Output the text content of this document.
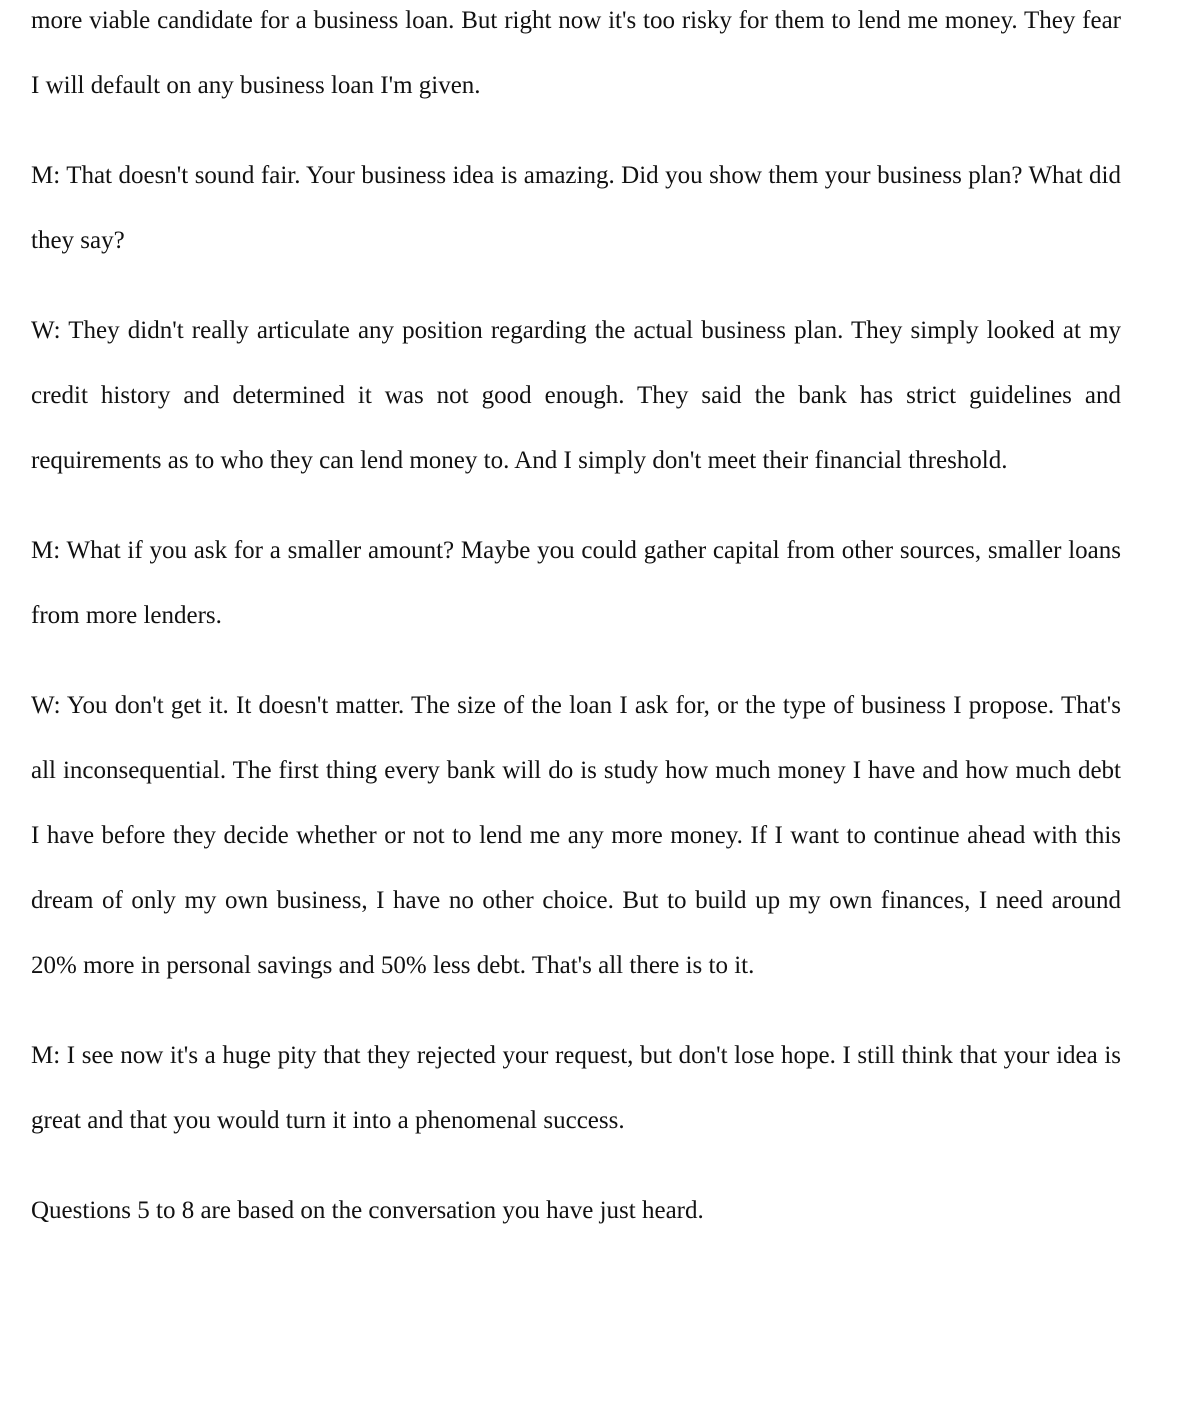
more viable candidate for a business loan. But right now it's too risky for them to lend me money. They fear I will default on any business loan I'm given.

M: That doesn't sound fair. Your business idea is amazing. Did you show them your business plan? What did they say?

W: They didn't really articulate any position regarding the actual business plan. They simply looked at my credit history and determined it was not good enough. They said the bank has strict guidelines and requirements as to who they can lend money to. And I simply don't meet their financial threshold.

M: What if you ask for a smaller amount? Maybe you could gather capital from other sources, smaller loans from more lenders.

W: You don't get it. It doesn't matter. The size of the loan I ask for, or the type of business I propose. That's all inconsequential. The first thing every bank will do is study how much money I have and how much debt I have before they decide whether or not to lend me any more money. If I want to continue ahead with this dream of only my own business, I have no other choice. But to build up my own finances, I need around 20% more in personal savings and 50% less debt. That's all there is to it.

M: I see now it's a huge pity that they rejected your request, but don't lose hope. I still think that your idea is great and that you would turn it into a phenomenal success.

Questions 5 to 8 are based on the conversation you have just heard.
